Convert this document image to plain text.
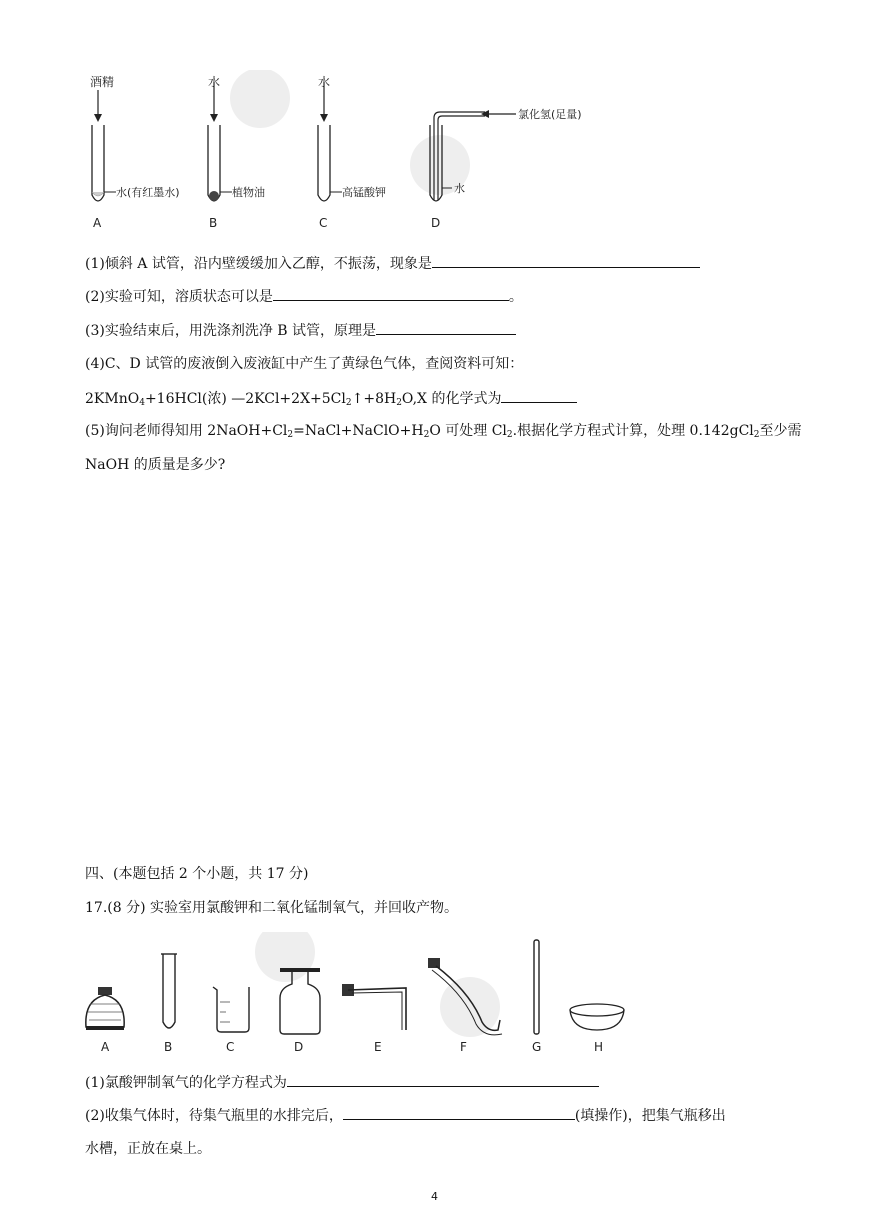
酒精
水(有红墨水)
A
水
植物油
B
水
高锰酸钾
C
氯化氢(足量)
水
D
(1)倾斜 A 试管，沿内壁缓缓加入乙醇，不振荡，现象是
(2)实验可知，溶质状态可以是	。
(3)实验结束后，用洗涤剂洗净 B 试管，原理是
(4)C、D 试管的废液倒入废液缸中产生了黄绿色气体，查阅资料可知：
2KMnO$_4$+16HCl(浓) $—2KCl+2X+5Cl_2↑+8H_2O,X$ 的化学式为
(5)询问老师得知用 $2NaOH+Cl_2=NaCl+NaClO+H_2O$ 可处理 $Cl_2$.根据化学方程式计算，处理 0.142gCl$_2$至少需
NaOH 的质量是多少?
四、(本题包括 2 个小题，共 17 分)
17.(8 分) 实验室用氯酸钾和二氧化锰制氧气，并回收产物。
A	B	C	D	E	F	G	H
(1)氯酸钾制氧气的化学方程式为
(2)收集气体时，待集气瓶里的水排完后，	(填操作)，把集气瓶移出
水槽，正放在桌上。
4
